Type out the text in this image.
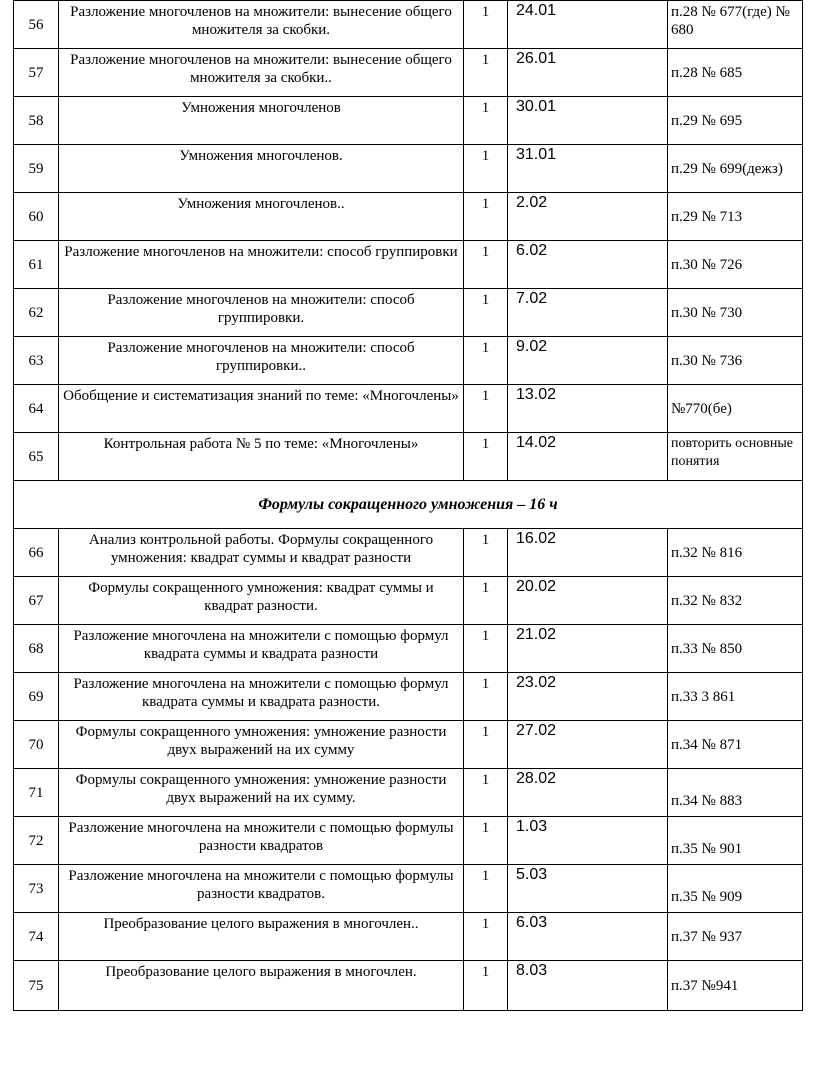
56	Разложение многочленов на множители: вынесение общего множителя за скобки.	1	24.01	п.28 № 677(где) № 680
57	Разложение многочленов на множители: вынесение общего множителя за скобки..	1	26.01	п.28 № 685
58	Умножения многочленов	1	30.01	п.29 № 695
59	Умножения многочленов.	1	31.01	п.29 № 699(дежз)
60	Умножения многочленов..	1	2.02	п.29 № 713
61	Разложение многочленов на множители: способ группировки	1	6.02	п.30 № 726
62	Разложение многочленов на множители: способ группировки.	1	7.02	п.30 № 730
63	Разложение многочленов на множители: способ группировки..	1	9.02	п.30 № 736
64	Обобщение и систематизация знаний по теме: «Многочлены»	1	13.02	№770(бе)
65	Контрольная работа № 5 по теме: «Многочлены»	1	14.02	повторить основные понятия
Формулы сокращенного умножения – 16 ч				
66	Анализ контрольной работы. Формулы сокращенного умножения: квадрат суммы и квадрат разности	1	16.02	п.32 № 816
67	Формулы сокращенного умножения: квадрат суммы и квадрат разности.	1	20.02	п.32 № 832
68	Разложение многочлена на множители с помощью формул квадрата суммы и квадрата разности	1	21.02	п.33 № 850
69	Разложение многочлена на множители с помощью формул квадрата суммы и квадрата разности.	1	23.02	п.33 3 861
70	Формулы сокращенного умножения: умножение разности двух выражений на их сумму	1	27.02	п.34 № 871
71	Формулы сокращенного умножения: умножение разности двух выражений на их сумму.	1	28.02	п.34 № 883
72	Разложение многочлена на множители с помощью формулы разности квадратов	1	1.03	п.35 № 901
73	Разложение многочлена на множители с помощью формулы разности квадратов.	1	5.03	п.35 № 909
74	Преобразование целого выражения в многочлен..	1	6.03	п.37 № 937
75	Преобразование целого выражения в многочлен.	1	8.03	п.37 №941
